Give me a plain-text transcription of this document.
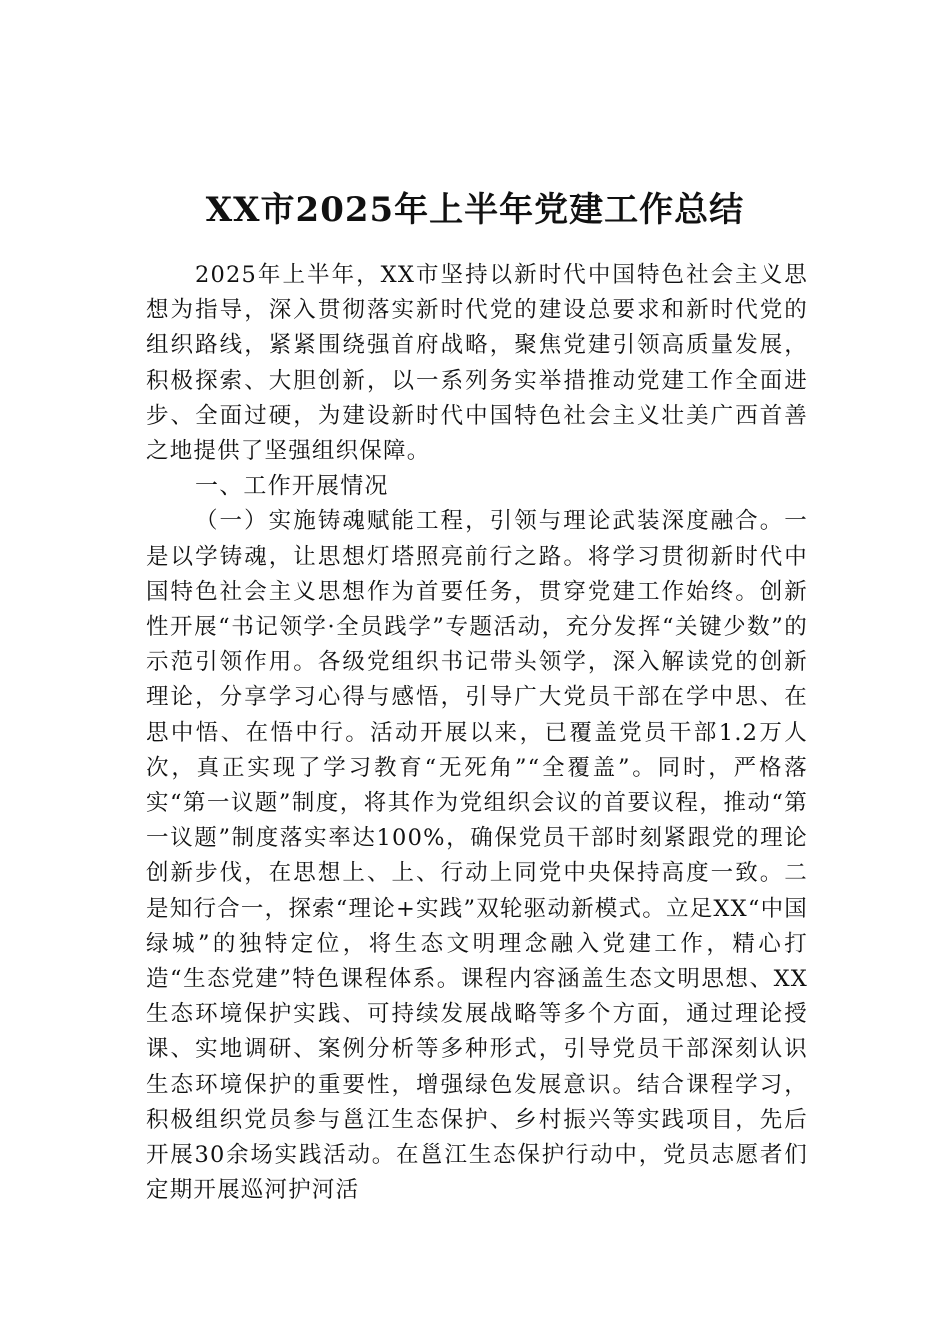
XX市2025年上半年党建工作总结

2025年上半年，XX市坚持以新时代中国特色社会主义思想为指导，深入贯彻落实新时代党的建设总要求和新时代党的组织路线，紧紧围绕强首府战略，聚焦党建引领高质量发展，积极探索、大胆创新，以一系列务实举措推动党建工作全面进步、全面过硬，为建设新时代中国特色社会主义壮美广西首善之地提供了坚强组织保障。

一、工作开展情况

（一）实施铸魂赋能工程，引领与理论武装深度融合。一是以学铸魂，让思想灯塔照亮前行之路。将学习贯彻新时代中国特色社会主义思想作为首要任务，贯穿党建工作始终。创新性开展“书记领学·全员践学”专题活动，充分发挥“关键少数”的示范引领作用。各级党组织书记带头领学，深入解读党的创新理论，分享学习心得与感悟，引导广大党员干部在学中思、在思中悟、在悟中行。活动开展以来，已覆盖党员干部1.2万人次，真正实现了学习教育“无死角”“全覆盖”。同时，严格落实“第一议题”制度，将其作为党组织会议的首要议程，推动“第一议题”制度落实率达100%，确保党员干部时刻紧跟党的理论创新步伐，在思想上、上、行动上同党中央保持高度一致。二是知行合一，探索“理论+实践”双轮驱动新模式。立足XX“中国绿城”的独特定位，将生态文明理念融入党建工作，精心打造“生态党建”特色课程体系。课程内容涵盖生态文明思想、XX生态环境保护实践、可持续发展战略等多个方面，通过理论授课、实地调研、案例分析等多种形式，引导党员干部深刻认识生态环境保护的重要性，增强绿色发展意识。结合课程学习，积极组织党员参与邕江生态保护、乡村振兴等实践项目，先后开展30余场实践活动。在邕江生态保护行动中，党员志愿者们定期开展巡河护河活
